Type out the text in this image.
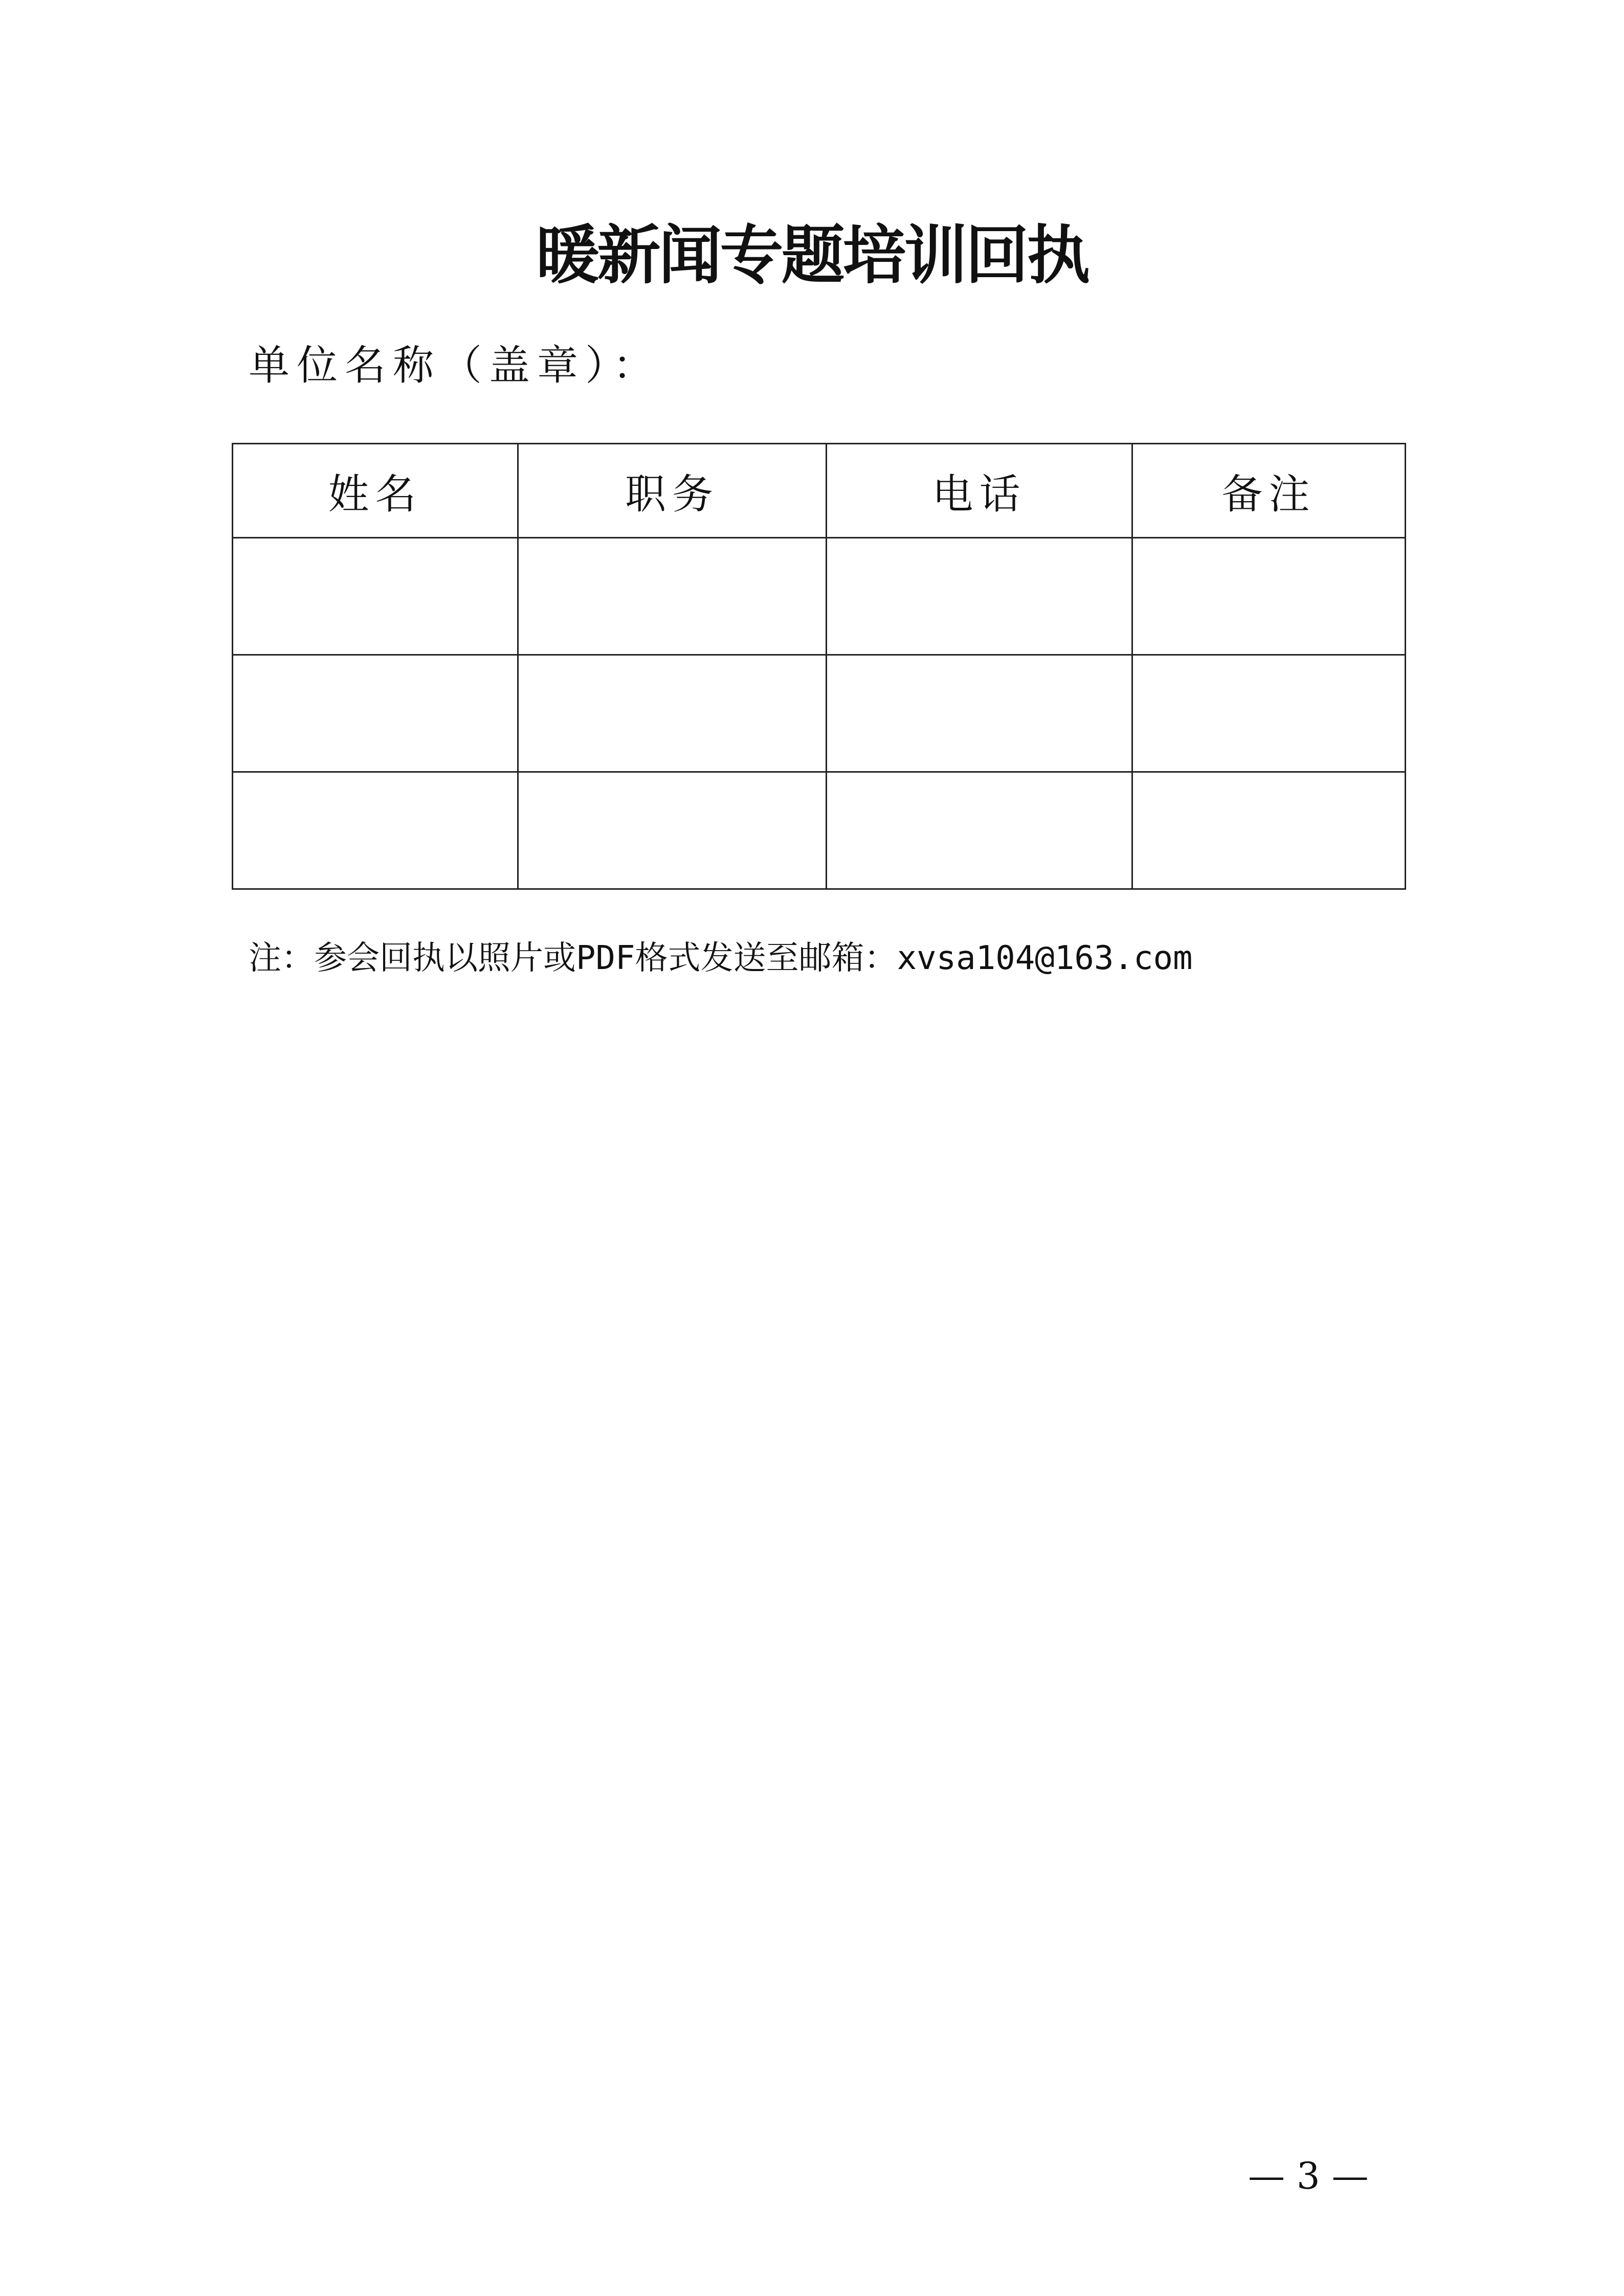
暖新闻专题培训回执
单位名称（盖章）：
姓名	职务	电话	备注

注：参会回执以照片或PDF格式发送至邮箱：xvsa104@163.com
— 3 —
